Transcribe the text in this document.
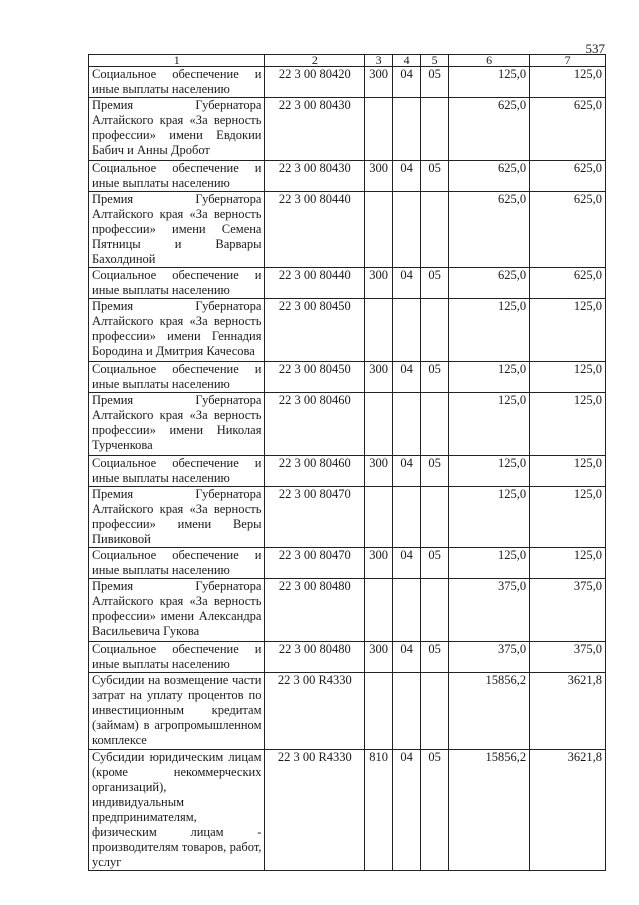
537
1	2	3	4	5	6	7
Социальное обеспечение и иные выплаты населению	22 3 00 80420	300	04	05	125,0	125,0
Премия Губернатора Алтайского края «За верность профессии» имени Евдокии Бабич и Анны Дробот	22 3 00 80430				625,0	625,0
Социальное обеспечение и иные выплаты населению	22 3 00 80430	300	04	05	625,0	625,0
Премия Губернатора Алтайского края «За верность профессии» имени Семена Пятницы и Варвары Бахолдиной	22 3 00 80440				625,0	625,0
Социальное обеспечение и иные выплаты населению	22 3 00 80440	300	04	05	625,0	625,0
Премия Губернатора Алтайского края «За верность профессии» имени Геннадия Бородина и Дмитрия Качесова	22 3 00 80450				125,0	125,0
Социальное обеспечение и иные выплаты населению	22 3 00 80450	300	04	05	125,0	125,0
Премия Губернатора Алтайского края «За верность профессии» имени Николая Турченкова	22 3 00 80460				125,0	125,0
Социальное обеспечение и иные выплаты населению	22 3 00 80460	300	04	05	125,0	125,0
Премия Губернатора Алтайского края «За верность профессии» имени Веры Пивиковой	22 3 00 80470				125,0	125,0
Социальное обеспечение и иные выплаты населению	22 3 00 80470	300	04	05	125,0	125,0
Премия Губернатора Алтайского края «За верность профессии» имени Александра Васильевича Гукова	22 3 00 80480				375,0	375,0
Социальное обеспечение и иные выплаты населению	22 3 00 80480	300	04	05	375,0	375,0
Субсидии на возмещение части затрат на уплату процентов по инвестиционным кредитам (займам) в агропромышленном комплексе	22 3 00 R4330				15856,2	3621,8
Субсидии юридическим лицам (кроме некоммерческих организаций), индивидуальным предпринимателям, физическим лицам - производителям товаров, работ, услуг	22 3 00 R4330	810	04	05	15856,2	3621,8
